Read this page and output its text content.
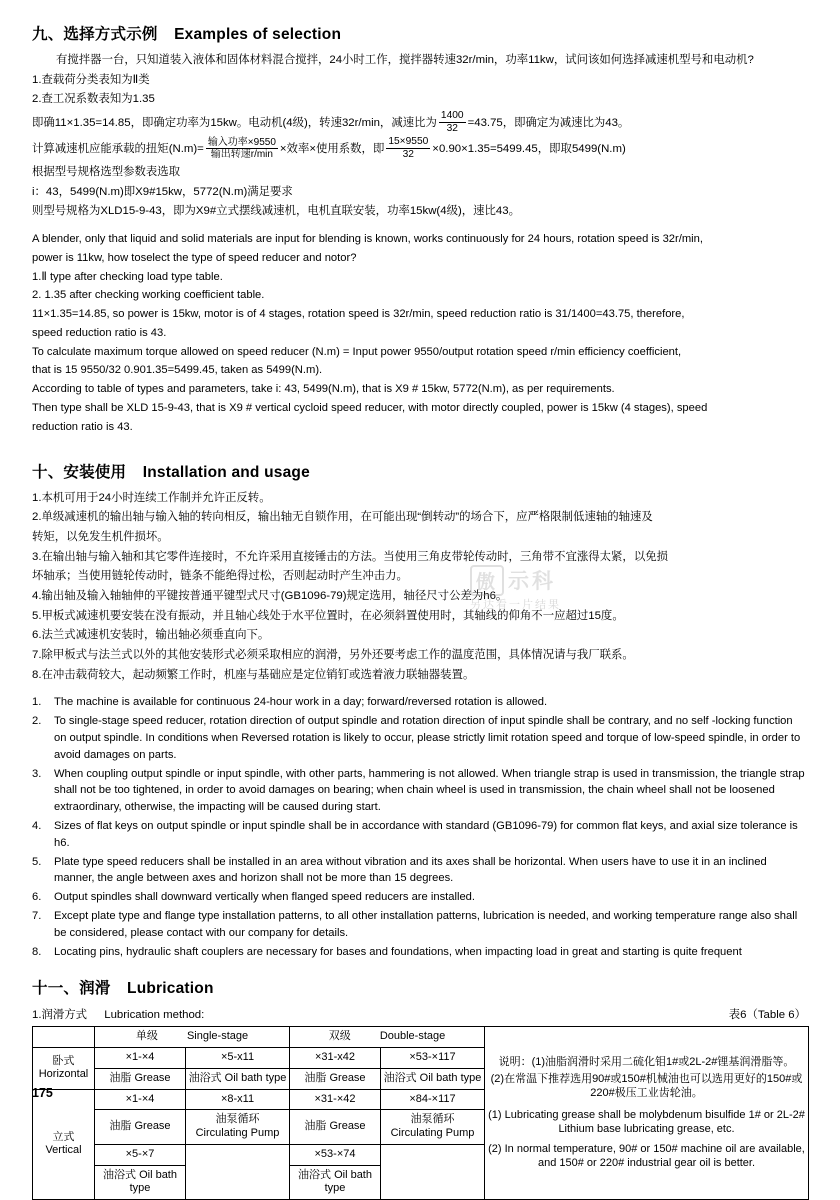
九、选择方式示例 Examples of selection

有搅拌器一台，只知道装入液体和固体材料混合搅拌，24小时工作，搅拌器转速32r/min，功率11kw，试问该如何选择减速机型号和电动机?

1.查载荷分类表知为Ⅱ类

2.查工况系数表知为1.35

即确11×1.35=14.85，即确定功率为15kw。电动机(4级)，转速32r/min，减速比为 $\frac{1400}{32} =43.75$，即确定为减速比为43。

计算减速机应能承载的扭矩$(N.m)= \frac{\text{输入功率×9550}}{\text{输出转速r/min}}$ ×效率×使用系数，即 $\frac{15\times 9550}{32} \times 0.90\times 1.35=5499.45$，即取5499(N.m)

根据型号规格选型参数表选取

i：43，5499(N.m)即X9#15kw，5772(N.m)满足要求

则型号规格为XLD15-9-43，即为X9#立式摆线减速机，电机直联安装，功率15kw(4级)，速比43。

A blender, only that liquid and solid materials are input for blending is known, works continuously for 24 hours, rotation speed is 32r/min,

power is 11kw, how toselect the type of speed reducer and notor?

1.Ⅱ type after checking load type table.

2. 1.35 after checking working coefficient table.

11×1.35=14.85, so power is 15kw, motor is of 4 stages, rotation speed is 32r/min, speed reduction ratio is 31/1400=43.75, therefore,

speed reduction ratio is 43.

To calculate maximum torque allowed on speed reducer (N.m) = Input power 9550/output rotation speed r/min efficiency coefficient,

that is 15 9550/32 0.901.35=5499.45, taken as 5499(N.m).

According to table of types and parameters, take i: 43, 5499(N.m), that is X9 # 15kw, 5772(N.m), as per requirements.

Then type shall be XLD 15-9-43, that is X9 # vertical cycloid speed reducer, with motor directly coupled, power is 15kw (4 stages), speed

reduction ratio is 43.

十、安装使用 Installation and usage

1.本机可用于24小时连续工作制并允许正反转。

2.单级减速机的输出轴与输入轴的转向相反，输出轴无自锁作用，在可能出现“倒转动”的场合下，应严格限制低速轴的轴速及

转矩，以免发生机件损坏。

3.在输出轴与输入轴和其它零件连接时，不允许采用直接锤击的方法。当使用三角皮带轮传动时，三角带不宜涨得太紧，以免损

坏轴承；当使用链轮传动时，链条不能绝得过松，否则起动时产生冲击力。

4.输出轴及输入轴轴伸的平键按普通平键型式尺寸(GB1096-79)规定选用，轴径尺寸公差为h6。

5.甲板式减速机要安装在没有振动，并且轴心线处于水平位置时，在必须斜置使用时，其轴线的仰角不一应超过15度。

6.法兰式减速机安装时，输出轴必须垂直向下。

7.除甲板式与法兰式以外的其他安装形式必须采取相应的润滑，另外还要考虑工作的温度范围，具体情况请与我厂联系。

8.在冲击载荷较大，起动频繁工作时，机座与基础应是定位销钉或选着液力联轴器装置。

1. The machine is available for continuous 24-hour work in a day; forward/reversed rotation is allowed.
2. To single-stage speed reducer, rotation direction of output spindle and rotation direction of input spindle shall be contrary, and no self -locking function on output spindle. In conditions when Reversed rotation is likely to occur, please strictly limit rotation speed and torque of low-speed spindle, in order to avoid damages on parts.
3. When coupling output spindle or input spindle, with other parts, hammering is not allowed. When triangle strap is used in transmission, the triangle strap shall not be too tightened, in order to avoid damages on bearing; when chain wheel is used in transmission, the chain wheel shall not be loosened extraordinary, otherwise, the impacting will be caused during start.
4. Sizes of flat keys on output spindle or input spindle shall be in accordance with standard (GB1096-79) for common flat keys, and axial size tolerance is h6.
5. Plate type speed reducers shall be installed in an area without vibration and its axes shall be horizontal. When users have to use it in an inclined manner, the angle between axes and horizon shall not be more than 15 degrees.
6. Output spindles shall downward vertically when flanged speed reducers are installed.
7. Except plate type and flange type installation patterns, to all other installation patterns, lubrication is needed, and working temperature range also shall be considered, please contact with our company for details.
8. Locating pins, hydraulic shaft couplers are necessary for bases and foundations, when impacting load in great and starting is quite frequent
十一、润滑 Lubrication
1.润滑方式 Lubrication method:	表6（Table 6）
	单级 Single-stage		双级 Double-stage		说明：(1)油脂润滑时采用二硫化钼1#或2L-2#锂基润滑脂等。
(2)在常温下推荐选用90#或150#机械油也可以选用更好的150#或220#极压工业齿轮油。
(1) Lubricating grease shall be molybdenum bisulfide 1# or 2L-2# Lithium base lubricating grease, etc.
(2) In normal temperature, 90# or 150# machine oil are available, and 150# or 220# industrial gear oil is better.

卧式
Horizontal	×1-×4	×5-x11	×31-x42	×53-×117	
	油脂 Grease	油浴式 Oil bath type	油脂 Grease	油浴式 Oil bath type	

立式
Vertical	×1-×4	×8-x11	×31-×42	×84-×117	
	油脂 Grease	油泵循环 Circulating Pump	油脂 Grease	油泵循环 Circulating Pump	
	×5-×7		×53-×74		
	油浴式 Oil bath type		油浴式 Oil bath type		
傲 示科
另达看一片结果
175
